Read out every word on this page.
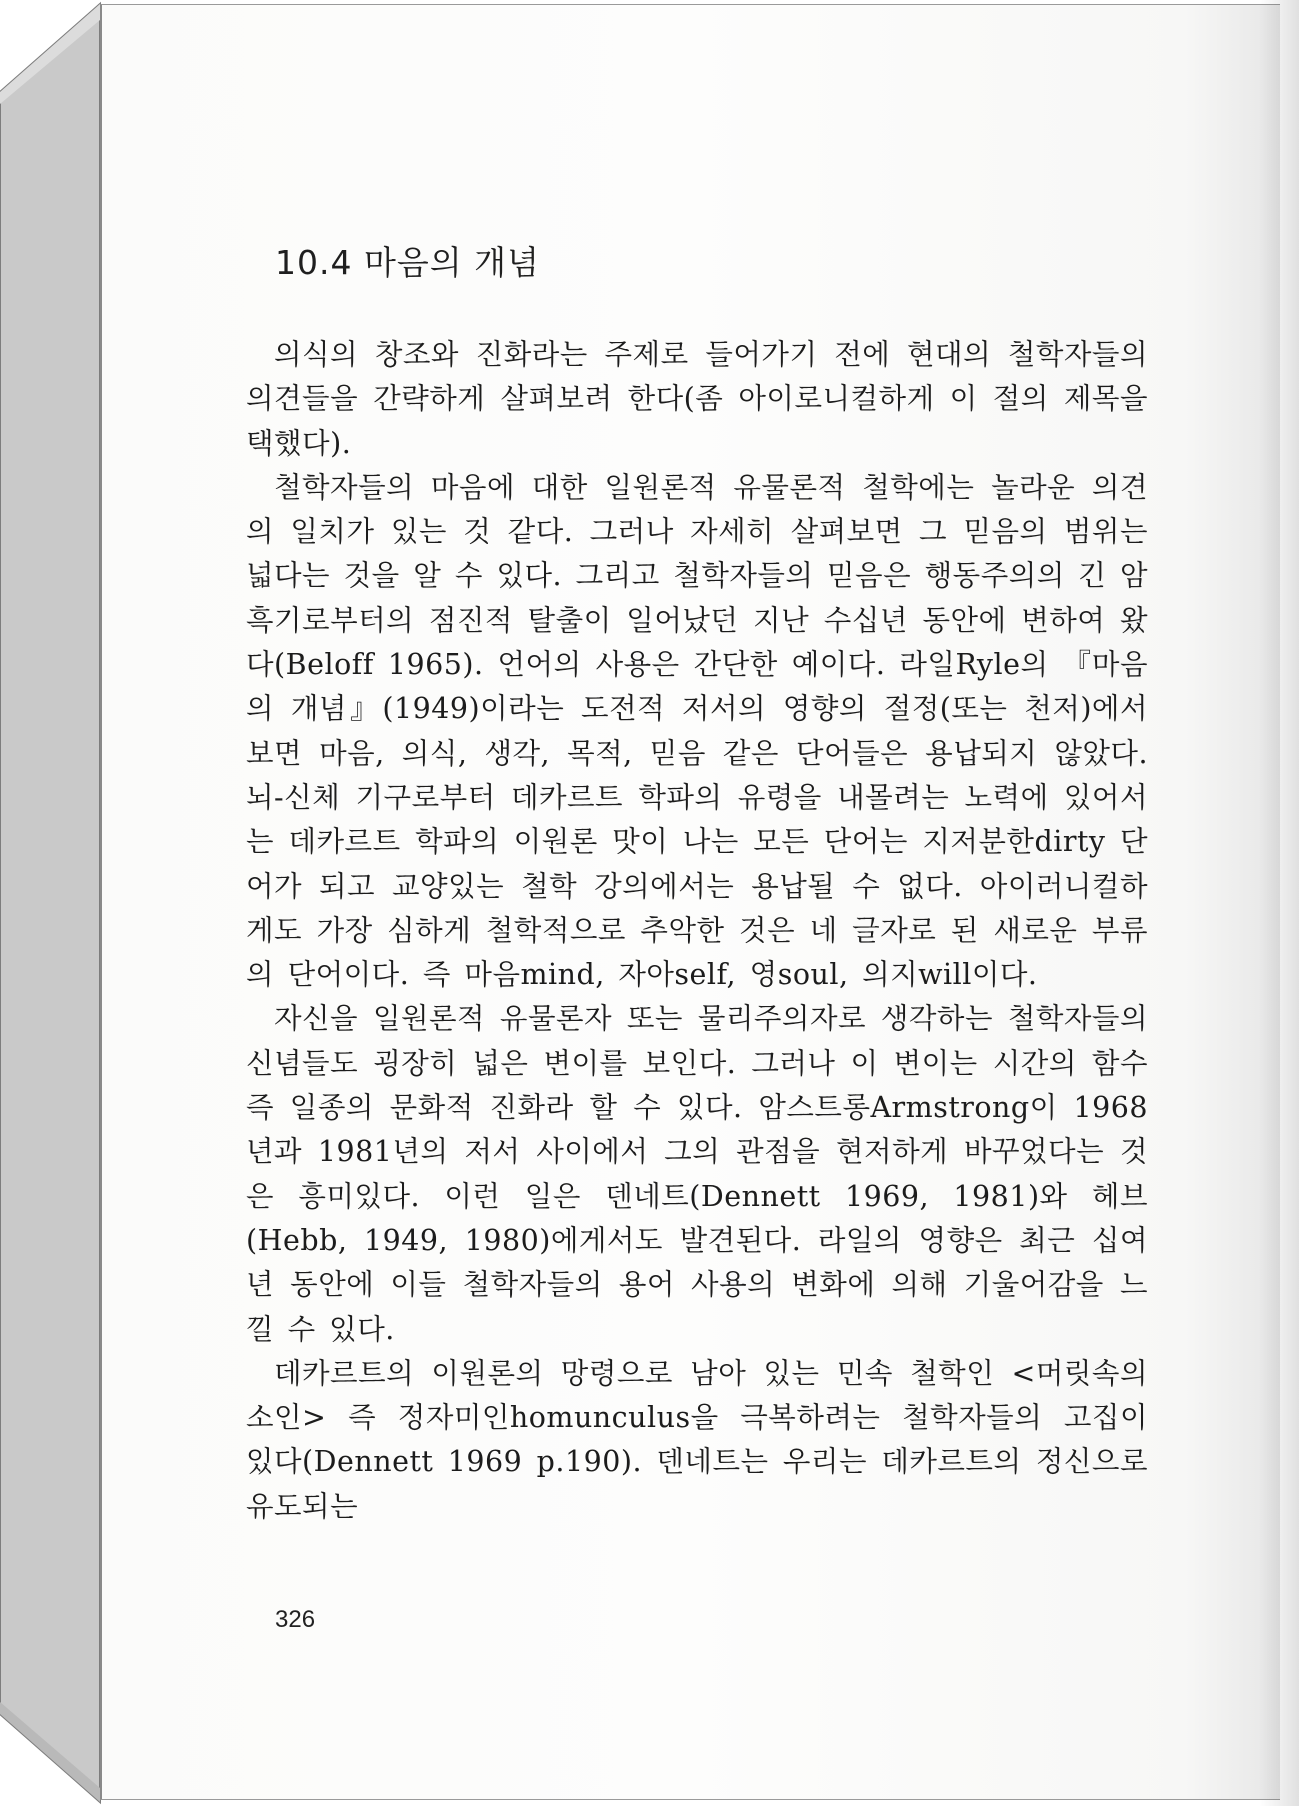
10.4 마음의 개념

의식의 창조와 진화라는 주제로 들어가기 전에 현대의 철학자들의 의견들을 간략하게 살펴보려 한다(좀 아이로니컬하게 이 절의 제목을 택했다).

철학자들의 마음에 대한 일원론적 유물론적 철학에는 놀라운 의견의 일치가 있는 것 같다. 그러나 자세히 살펴보면 그 믿음의 범위는 넓다는 것을 알 수 있다. 그리고 철학자들의 믿음은 행동주의의 긴 암흑기로부터의 점진적 탈출이 일어났던 지난 수십년 동안에 변하여 왔다(Beloff 1965). 언어의 사용은 간단한 예이다. 라일Ryle의 『마음의 개념』(1949)이라는 도전적 저서의 영향의 절정(또는 천저)에서 보면 마음, 의식, 생각, 목적, 믿음 같은 단어들은 용납되지 않았다. 뇌-신체 기구로부터 데카르트 학파의 유령을 내몰려는 노력에 있어서는 데카르트 학파의 이원론 맛이 나는 모든 단어는 지저분한dirty 단어가 되고 교양있는 철학 강의에서는 용납될 수 없다. 아이러니컬하게도 가장 심하게 철학적으로 추악한 것은 네 글자로 된 새로운 부류의 단어이다. 즉 마음mind, 자아self, 영soul, 의지will이다.

자신을 일원론적 유물론자 또는 물리주의자로 생각하는 철학자들의 신념들도 굉장히 넓은 변이를 보인다. 그러나 이 변이는 시간의 함수 즉 일종의 문화적 진화라 할 수 있다. 암스트롱Armstrong이 1968년과 1981년의 저서 사이에서 그의 관점을 현저하게 바꾸었다는 것은 흥미있다. 이런 일은 덴네트(Dennett 1969, 1981)와 헤브(Hebb, 1949, 1980)에게서도 발견된다. 라일의 영향은 최근 십여년 동안에 이들 철학자들의 용어 사용의 변화에 의해 기울어감을 느낄 수 있다.

데카르트의 이원론의 망령으로 남아 있는 민속 철학인 <머릿속의 소인> 즉 정자미인homunculus을 극복하려는 철학자들의 고집이 있다(Dennett 1969 p.190). 덴네트는 우리는 데카르트의 정신으로 유도되는

326
